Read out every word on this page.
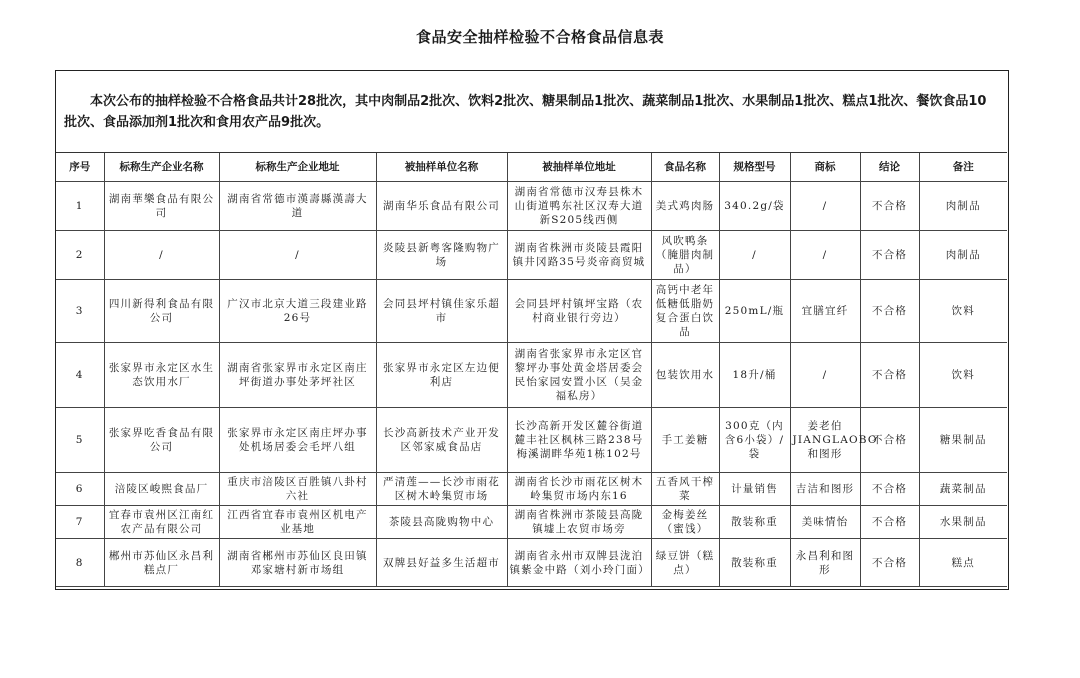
食品安全抽样检验不合格食品信息表
本次公布的抽样检验不合格食品共计28批次，其中肉制品2批次、饮料2批次、糖果制品1批次、蔬菜制品1批次、水果制品1批次、糕点1批次、餐饮食品10批次、食品添加剂1批次和食用农产品9批次。
序号	标称生产企业名称	标称生产企业地址	被抽样单位名称	被抽样单位地址	食品名称	规格型号	商标	结论	备注
1	湖南華樂食品有限公司	湖南省常德市漢壽縣漢壽大道	湖南华乐食品有限公司	湖南省常德市汉寿县株木山街道鸭东社区汉寿大道新S205线西侧	美式鸡肉肠	340.2g/袋	/	不合格	肉制品
2	/	/	炎陵县新粤客隆购物广场	湖南省株洲市炎陵县霞阳镇井冈路35号炎帝商贸城	风吹鸭条（腌腊肉制品）	/	/	不合格	肉制品
3	四川新得利食品有限公司	广汉市北京大道三段建业路26号	会同县坪村镇佳家乐超市	会同县坪村镇坪宝路（农村商业银行旁边）	高钙中老年低糖低脂奶复合蛋白饮品	250mL/瓶	宜膳宜纤	不合格	饮料
4	张家界市永定区水生态饮用水厂	湖南省张家界市永定区南庄坪街道办事处茅坪社区	张家界市永定区左边便利店	湖南省张家界市永定区官黎坪办事处黄金塔居委会民怡家园安置小区（吴金福私房）	包装饮用水	18升/桶	/	不合格	饮料
5	张家界吃香食品有限公司	张家界市永定区南庄坪办事处机场居委会毛坪八组	长沙高新技术产业开发区邻家威食品店	长沙高新开发区麓谷街道麓丰社区枫林三路238号梅溪湖畔华苑1栋102号	手工姜糖	300克（内含6小袋）/袋	姜老伯JIANGLAOBO和图形	不合格	糖果制品
6	涪陵区峻熙食品厂	重庆市涪陵区百胜镇八卦村六社	严清莲——长沙市雨花区树木岭集贸市场	湖南省长沙市雨花区树木岭集贸市场内东16	五香风干榨菜	计量销售	吉洁和图形	不合格	蔬菜制品
7	宜春市袁州区江南红农产品有限公司	江西省宜春市袁州区机电产业基地	茶陵县高陇购物中心	湖南省株洲市茶陵县高陇镇墟上农贸市场旁	金梅姜丝（蜜饯）	散装称重	美味情怡	不合格	水果制品
8	郴州市苏仙区永昌利糕点厂	湖南省郴州市苏仙区良田镇邓家塘村新市场组	双牌县好益多生活超市	湖南省永州市双牌县泷泊镇紫金中路（刘小玲门面）	绿豆饼（糕点）	散装称重	永昌利和图形	不合格	糕点
